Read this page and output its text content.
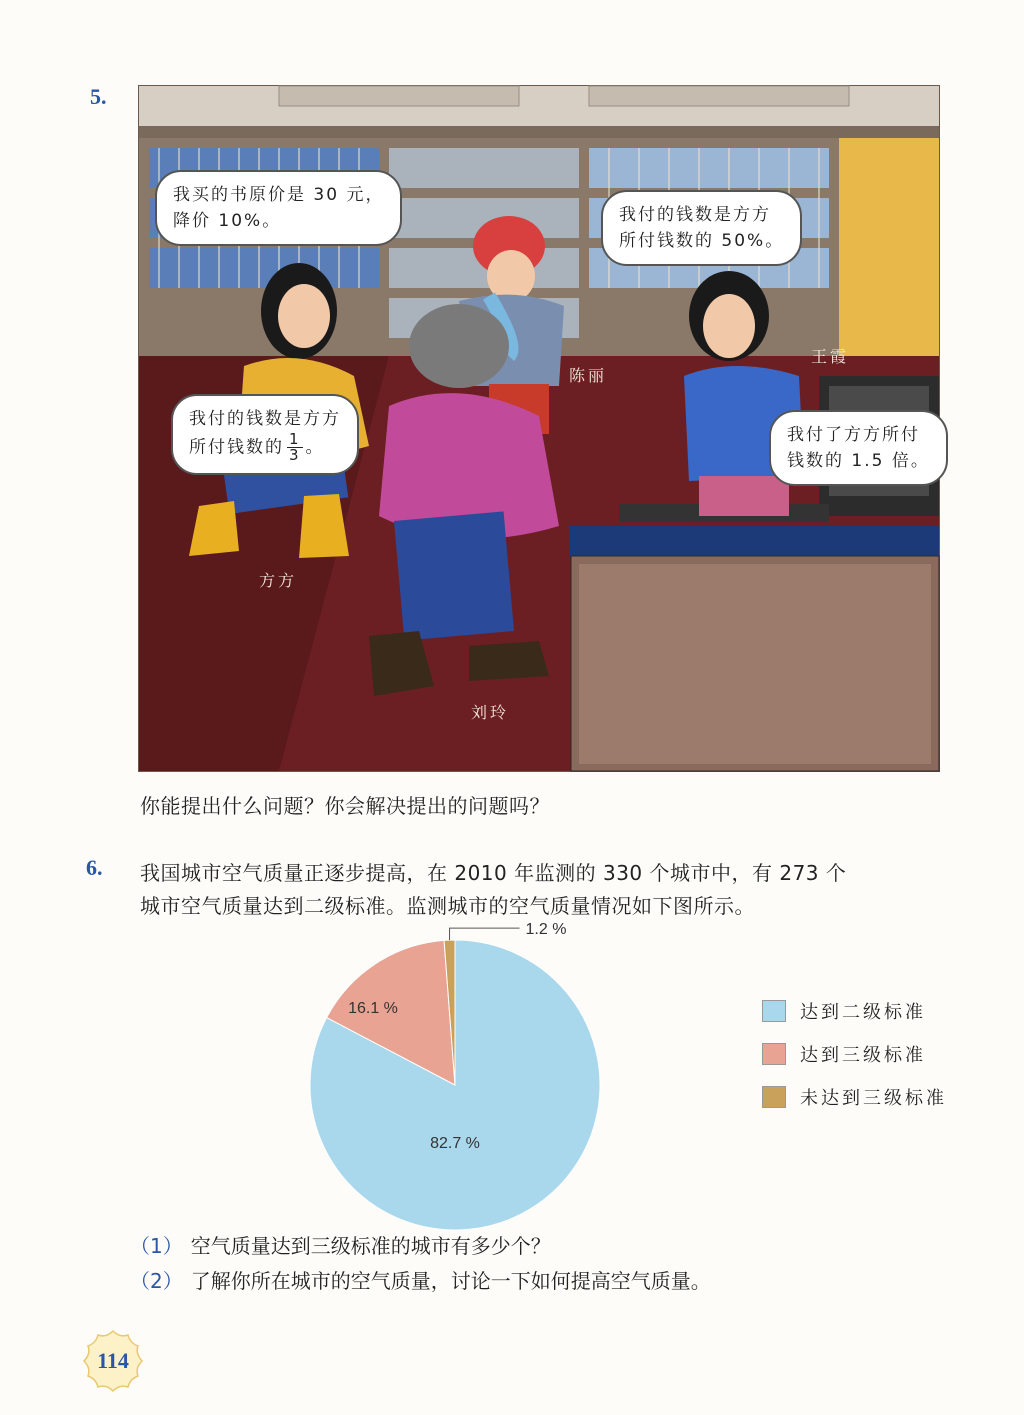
5.
我买的书原价是 30 元，
降价 10%。	我付的钱数是方方
所付钱数的 50%。
我付的钱数是方方
所付钱数的 $\frac{1}{3}$ 。
我付了方方所付
钱数的 1.5 倍。
方方
陈丽
王霞
刘玲
你能提出什么问题？你会解决提出的问题吗？
6. 我国城市空气质量正逐步提高，在 2010 年监测的 330 个城市中，有 273 个
城市空气质量达到二级标准。监测城市的空气质量情况如下图所示。
82.7 %
16.1 %
1.2 %
达到二级标准
达到三级标准
未达到三级标准
（1） 空气质量达到三级标准的城市有多少个？
（2） 了解你所在城市的空气质量，讨论一下如何提高空气质量。
114
